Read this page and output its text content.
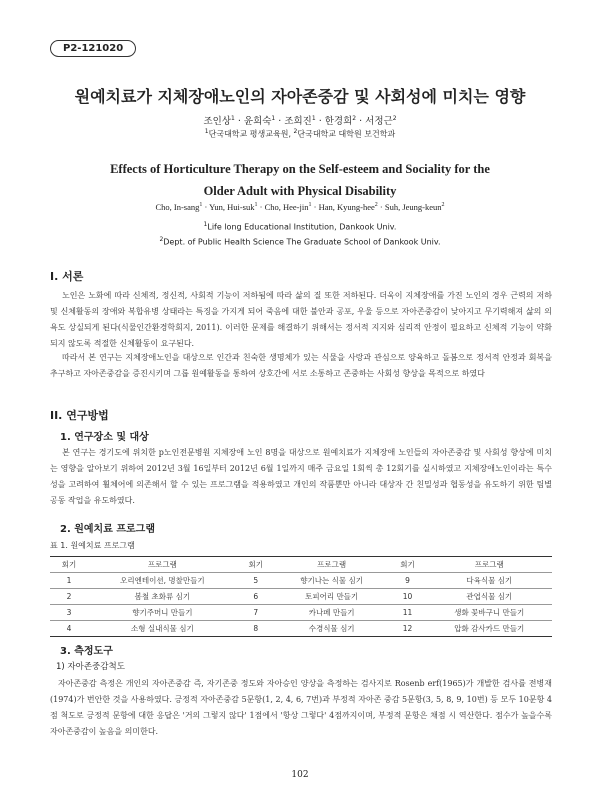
P2-121020
원예치료가 지체장애노인의 자아존중감 및 사회성에 미치는 영향
조인상$^1$ · 윤희숙$^1$ · 조희진$^1$ · 한경희$^2$ · 서정근$^2$
$^1$단국대학교 평생교육원, $^2$단국대학교 대학원 보건학과
Effects of Horticulture Therapy on the Self-esteem and Sociality for the
Older Adult with Physical Disability
Cho, In-sang$^1$ · Yun, Hui-suk$^1$ · Cho, Hee-jin$^1$ · Han, Kyung-hee$^2$ · Suh, Jeung-keun$^2$
$^1$Life long Educational Institution, Dankook Univ.
$^2$Dept. of Public Health Science The Graduate School of Dankook Univ.
I. 서론
노인은 노화에 따라 신체적, 정신적, 사회적 기능이 저하됨에 따라 삶의 질 또한 저하된다. 더욱이 지체장애를 가진 노인의 경우 근력의 저하 및 신체활동의 장애와 복합유병 상태라는 특징을 가지게 되어 죽음에 대한 불안과 공포, 우울 등으로 자아존중감이 낮아지고 무기력해져 삶의 의욕도 상실되게 된다(식물인간환경학회지, 2011). 이러한 문제를 해결하기 위해서는 정서적 지지와 심리적 안정이 필요하고 신체적 기능이 약화되지 않도록 적절한 신체활동이 요구된다.
따라서 본 연구는 지체장애노인을 대상으로 인간과 친숙한 생명체가 있는 식물을 사랑과 관심으로 양육하고 돌봄으로 정서적 안정과 회복을 추구하고 자아존중감을 증진시키며 그룹 원예활동을 통하여 상호간에 서로 소통하고 존중하는 사회성 향상을 목적으로 하였다
II. 연구방법
1. 연구장소 및 대상
본 연구는 경기도에 위치한 p노인전문병원 지체장애 노인 8명을 대상으로 원예치료가 지체장애 노인들의 자아존중감 및 사회성 향상에 미치는 영향을 알아보기 위하여 2012년 3월 16일부터 2012년 6월 1일까지 매주 금요일 1회씩 총 12회기를 실시하였고 지체장애노인이라는 특수성을 고려하여 휠체어에 의존해서 할 수 있는 프로그램을 적용하였고 개인의 작품뿐만 아니라 대상자 간 친밀성과 협동성을 유도하기 위한 팀별 공동 작업을 유도하였다.
2. 원예치료 프로그램
표 1. 원예치료 프로그램
회기	프로그램	회기	프로그램	회기	프로그램
1	오리엔테이션, 명찰만들기	5	향기나는 식물 심기	9	다육식물 심기
2	봄철 초화류 심기	6	토피어리 만들기	10	관엽식물 심기
3	향기주머니 만들기	7	카나페 만들기	11	생화 꽃바구니 만들기
4	소형 실내식물 심기	8	수경식물 심기	12	압화 감사카드 만들기
3. 측정도구
1) 자아존중감척도
자아존중감 측정은 개인의 자아존중감 즉, 자기존중 정도와 자아승인 양상을 측정하는 검사지로 Rosenb erf(1965)가 개발한 검사를 전병재(1974)가 번안한 것을 사용하였다. 긍정적 자아존중감 5문항(1, 2, 4, 6, 7번)과 부정적 자아존 중감 5문항(3, 5, 8, 9, 10번) 등 모두 10문항 4점 척도로 긍정적 문항에 대한 응답은 '거의 그렇지 않다' 1점에서 '항상 그렇다' 4점까지이며, 부정적 문항은 채점 시 역산한다. 점수가 높을수록 자아존중감이 높음을 의미한다.
102
